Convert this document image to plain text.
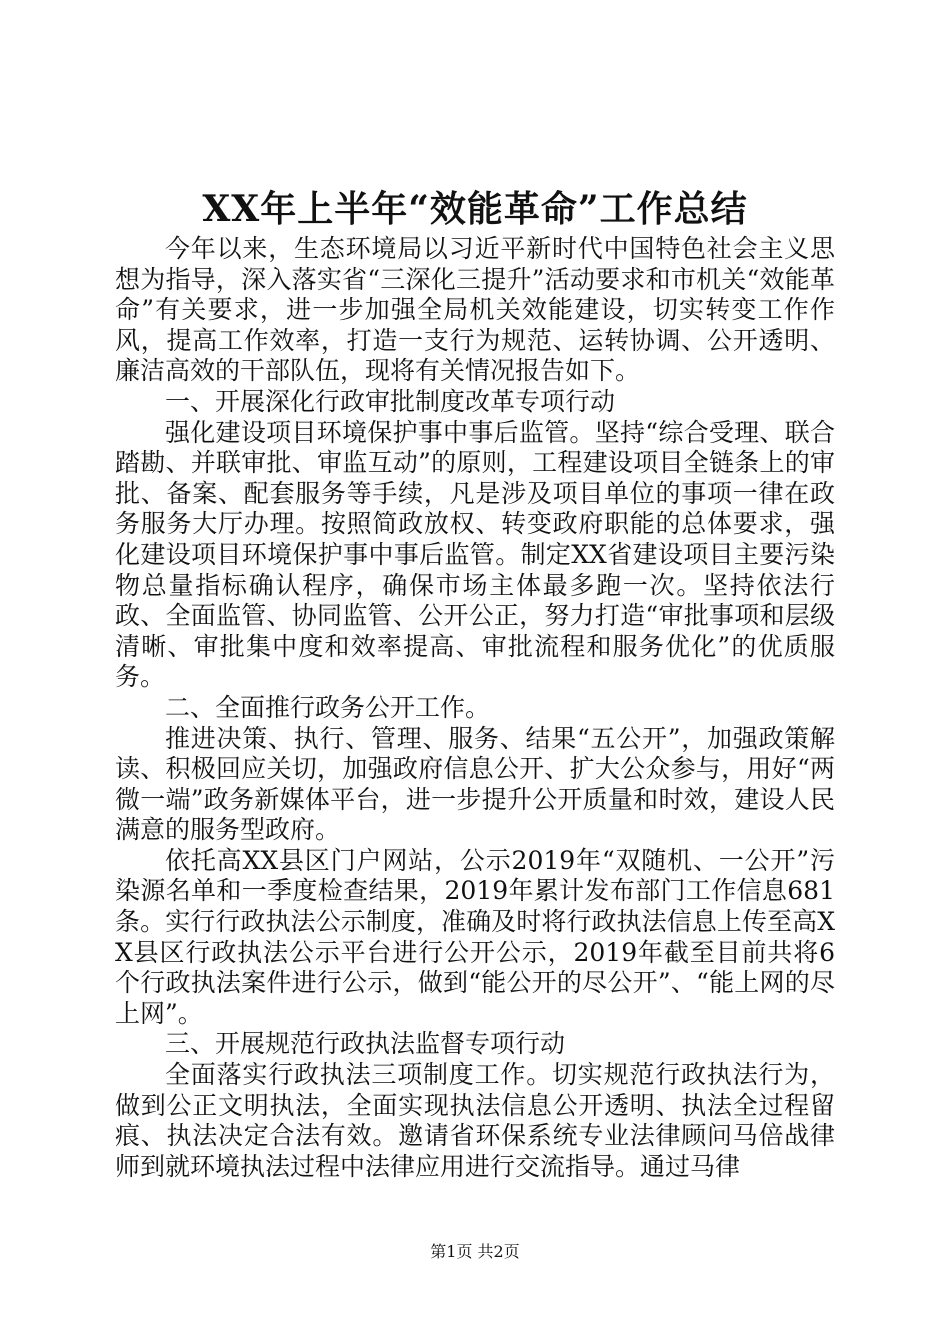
XX年上半年“效能革命”工作总结

今年以来，生态环境局以习近平新时代中国特色社会主义思想为指导，深入落实省“三深化三提升”活动要求和市机关“效能革命”有关要求，进一步加强全局机关效能建设，切实转变工作作风，提高工作效率，打造一支行为规范、运转协调、公开透明、廉洁高效的干部队伍，现将有关情况报告如下。

一、开展深化行政审批制度改革专项行动

强化建设项目环境保护事中事后监管。坚持“综合受理、联合踏勘、并联审批、审监互动”的原则，工程建设项目全链条上的审批、备案、配套服务等手续，凡是涉及项目单位的事项一律在政务服务大厅办理。按照简政放权、转变政府职能的总体要求，强化建设项目环境保护事中事后监管。制定XX省建设项目主要污染物总量指标确认程序，确保市场主体最多跑一次。坚持依法行政、全面监管、协同监管、公开公正，努力打造“审批事项和层级清晰、审批集中度和效率提高、审批流程和服务优化”的优质服务。

二、全面推行政务公开工作。

推进决策、执行、管理、服务、结果“五公开”，加强政策解读、积极回应关切，加强政府信息公开、扩大公众参与，用好“两微一端”政务新媒体平台，进一步提升公开质量和时效，建设人民满意的服务型政府。

依托高XX县区门户网站，公示2019年“双随机、一公开”污染源名单和一季度检查结果，2019年累计发布部门工作信息681条。实行行政执法公示制度，准确及时将行政执法信息上传至高XX县区行政执法公示平台进行公开公示，2019年截至目前共将6个行政执法案件进行公示，做到“能公开的尽公开”、“能上网的尽上网”。

三、开展规范行政执法监督专项行动

全面落实行政执法三项制度工作。切实规范行政执法行为，做到公正文明执法，全面实现执法信息公开透明、执法全过程留痕、执法决定合法有效。邀请省环保系统专业法律顾问马倍战律师到就环境执法过程中法律应用进行交流指导。通过马律

第1页 共2页
